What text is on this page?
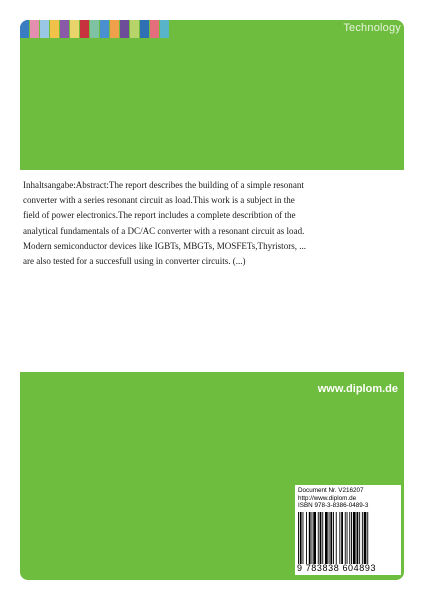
Technology
Inhaltsangabe:Abstract:The report describes the building of a simple resonant
converter with a series resonant circuit as load.This work is a subject in the
field of power electronics.The report includes a complete describtion of the
analytical fundamentals of a DC/AC converter with a resonant circuit as load.
Modern semiconductor devices like IGBTs, MBGTs, MOSFETs,Thyristors, ...
are also tested for a succesfull using in converter circuits. (...)
www.diplom.de
Document Nr. V216207
http://www.diplom.de
ISBN 978-3-8386-0489-3
9 783838 604893
